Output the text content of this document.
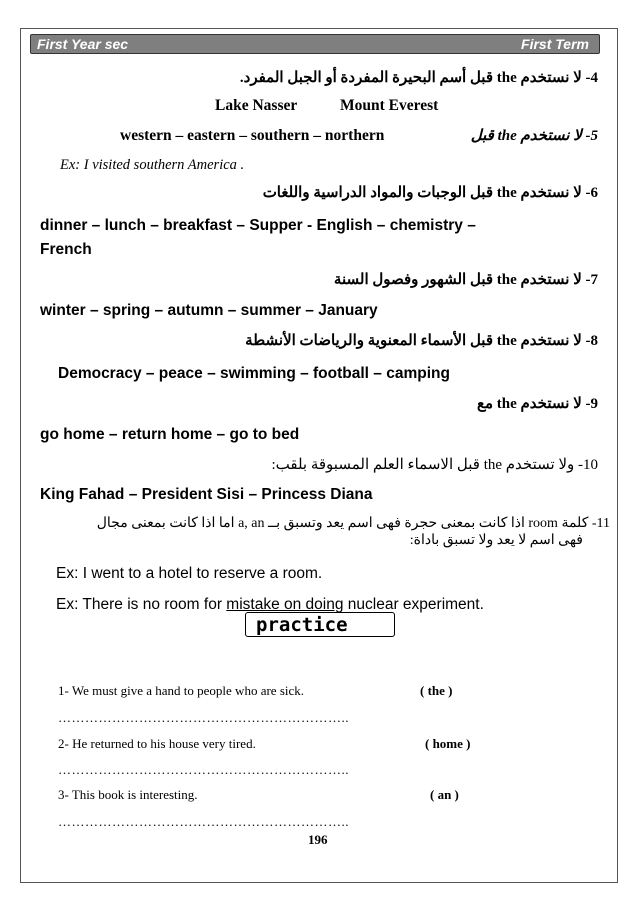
First Year sec	First Term
4- لا نستخدم the قبل أسم البحيرة المفردة أو الجبل المفرد.
Lake Nasser	Mount Everest
western – eastern – southern – northern	5- لا نستخدم the قبل
Ex: I visited southern America .
6- لا نستخدم the قبل الوجبات والمواد الدراسية واللغات
dinner – lunch – breakfast – Supper - English – chemistry –
French
7- لا نستخدم the قبل الشهور وفصول السنة
winter – spring – autumn – summer – January
8- لا نستخدم the قبل الأسماء المعنوية والرياضات الأنشطة
Democracy – peace – swimming – football – camping
9- لا نستخدم the مع
go home – return home – go to bed
10- ولا تستخدم the قبل الاسماء العلم المسبوقة بلقب:
King Fahad – President Sisi – Princess Diana
11- كلمة room اذا كانت بمعنى حجرة فهى اسم يعد وتسبق بــ a, an اما اذا كانت بمعنى مجال
فهى اسم لا يعد ولا تسبق باداة:
Ex: I went to a hotel to reserve a room.
Ex: There is no room for mistake on doing nuclear experiment.
practice
1- We must give a hand to people who are sick.	( the )
………………………………………………………..
2- He returned to his house very tired.	( home )
………………………………………………………..
3- This book is interesting.	( an )
………………………………………………………..
196
